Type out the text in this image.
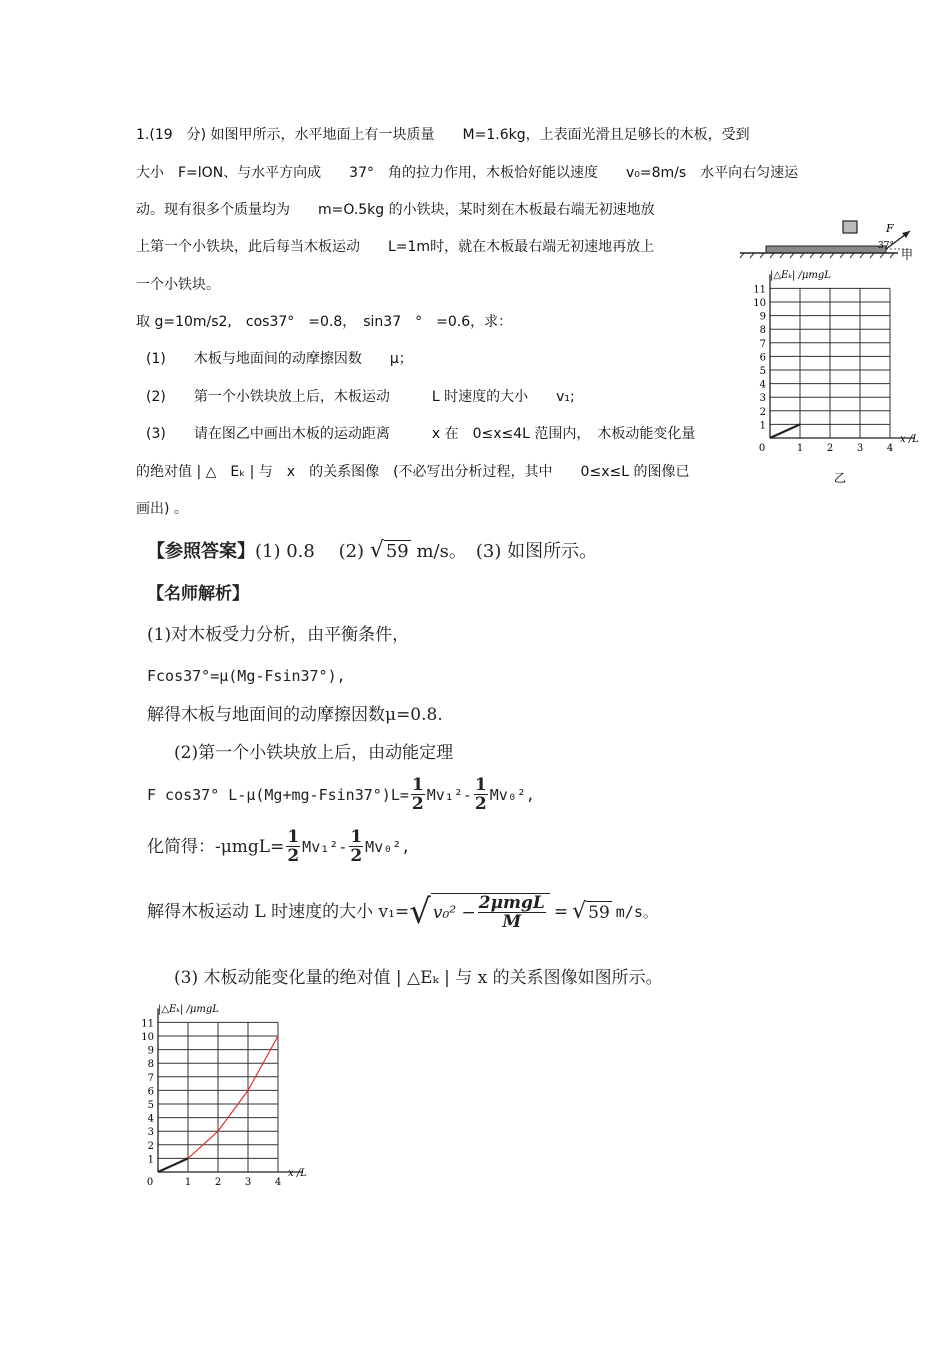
1.(19　分) 如图甲所示，水平地面上有一块质量　　M=1.6kg，上表面光滑且足够长的木板，受到
大小　F=lON、与水平方向成　　37°　角的拉力作用，木板恰好能以速度　　v₀=8m/s　水平向右匀速运
动。现有很多个质量均为　　m=O.5kg 的小铁块，某时刻在木板最右端无初速地放
上第一个小铁块，此后每当木板运动　　L=1m时，就在木板最右端无初速地再放上
一个小铁块。
取 g=10m/s2,　cos37°　=0.8，　sin37　°　=0.6，求：
(1)　　木板与地面间的动摩擦因数　　μ；
(2)　　第一个小铁块放上后，木板运动　　　L 时速度的大小　　v₁;
(3)　　请在图乙中画出木板的运动距离　　　x 在　0≤x≤4L 范围内，　木板动能变化量
的绝对值 | △　Eₖ | 与　x　的关系图像　(不必写出分析过程，其中　　0≤x≤L 的图像已
画出) 。
F
37°
甲
|△Eₖ| /μmgL
x /L
乙
1
2
3
4
5
6
7
8
9
10
11
0	1 2 3 4
【参照答案】(1) 0.8　 (2) √ 59 m/s。　(3) 如图所示。
【名师解析】
(1)对木板受力分析，由平衡条件，
Fcos37°=μ(Mg-Fsin37°),
解得木板与地面间的动摩擦因数μ=0.8.
(2)第一个小铁块放上后，由动能定理
F cos37° $L-\mu(Mg+mg-Fsin37^\circ)L= \frac{1}{2} Mv_1^2- \frac{1}{2} Mv_0^2$,
化简得：$-\mu mgL= \frac{1}{2} Mv_1^2- \frac{1}{2} Mv_0^2$,
解得木板运动 L 时速度的大小 v₁= √ $v_0^2 - \frac{\text{2μmgL}}{M}$ = √ 59 m/s。
(3) 木板动能变化量的绝对值 | △Eₖ | 与 x 的关系图像如图所示。
|△Eₖ| /μmgL
x /L
1
2
3
4
5
6
7
8
9
10
11
0	1 2 3 4
